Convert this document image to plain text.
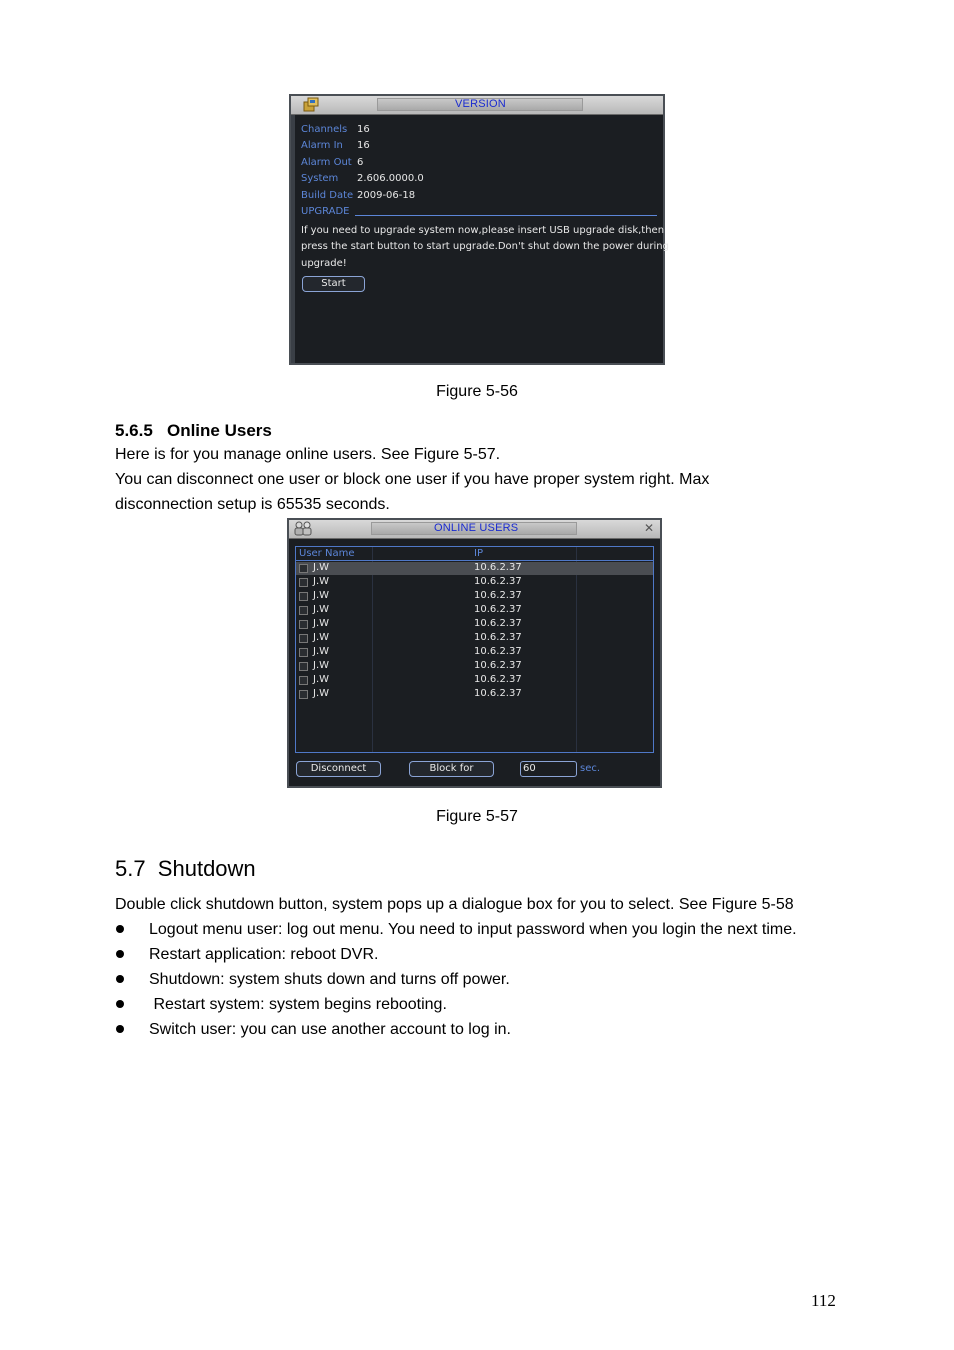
VERSION
UPGRADE
If you need to upgrade system now,please insert USB upgrade disk,then
press the start button to start upgrade.Don't shut down the power during
upgrade!
Start
Channels 16
Alarm In 16
Alarm Out 6
System 2.606.0000.0
Build Date 2009-06-18
Figure 5-56
5.6.5   Online Users
Here is for you manage online users. See Figure 5-57.
You can disconnect one user or block one user if you have proper system right. Max
disconnection setup is 65535 seconds.
ONLINE USERS	✕
User Name	IP
J.W	10.6.2.37
J.W	10.6.2.37
J.W	10.6.2.37
J.W	10.6.2.37
J.W	10.6.2.37
J.W	10.6.2.37
J.W	10.6.2.37
J.W	10.6.2.37
J.W	10.6.2.37
J.W	10.6.2.37
Disconnect	Block for	60	sec.
Figure 5-57
5.7  Shutdown
Double click shutdown button, system pops up a dialogue box for you to select. See Figure 5-58
Logout menu user: log out menu. You need to input password when you login the next time.
Restart application: reboot DVR.
Shutdown: system shuts down and turns off power.
Restart system: system begins rebooting.
Switch user: you can use another account to log in.
112
